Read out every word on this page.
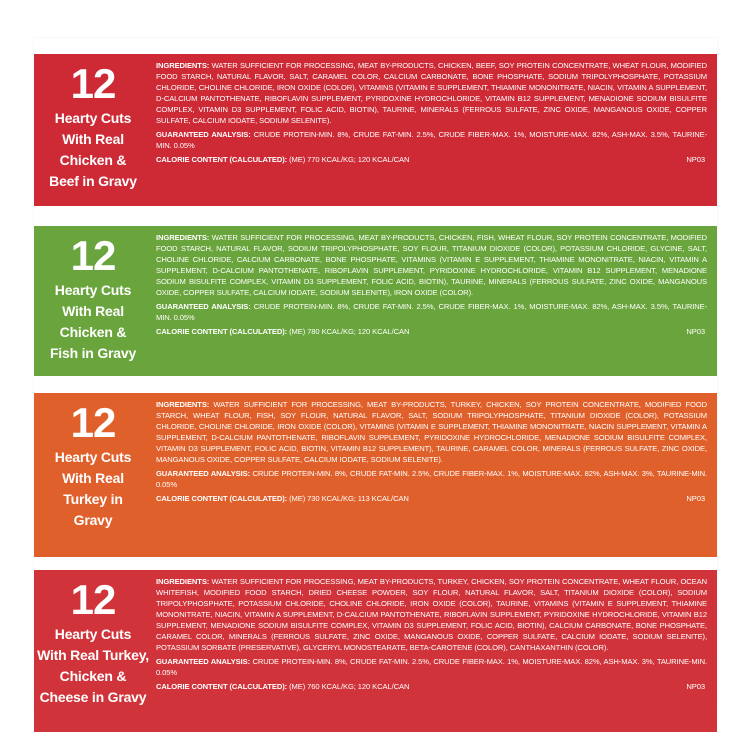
12
Hearty Cuts
With Real
Chicken &
Beef in Gravy

INGREDIENTS: WATER SUFFICIENT FOR PROCESSING, MEAT BY-PRODUCTS, CHICKEN, BEEF, SOY PROTEIN CONCENTRATE, WHEAT FLOUR, MODIFIED FOOD STARCH, NATURAL FLAVOR, SALT, CARAMEL COLOR, CALCIUM CARBONATE, BONE PHOSPHATE, SODIUM TRIPOLYPHOSPHATE, POTASSIUM CHLORIDE, CHOLINE CHLORIDE, IRON OXIDE (COLOR), VITAMINS (VITAMIN E SUPPLEMENT, THIAMINE MONONITRATE, NIACIN, VITAMIN A SUPPLEMENT, D-CALCIUM PANTOTHENATE, RIBOFLAVIN SUPPLEMENT, PYRIDOXINE HYDROCHLORIDE, VITAMIN B12 SUPPLEMENT, MENADIONE SODIUM BISULFITE COMPLEX, VITAMIN D3 SUPPLEMENT, FOLIC ACID, BIOTIN), TAURINE, MINERALS (FERROUS SULFATE, ZINC OXIDE, MANGANOUS OXIDE, COPPER SULFATE, CALCIUM IODATE, SODIUM SELENITE).

GUARANTEED ANALYSIS: CRUDE PROTEIN-MIN. 8%, CRUDE FAT-MIN. 2.5%, CRUDE FIBER-MAX. 1%, MOISTURE-MAX. 82%, ASH-MAX. 3.5%, TAURINE-MIN. 0.05%

CALORIE CONTENT (CALCULATED): (ME) 770 KCAL/KG; 120 KCAL/CAN	NP03
12
Hearty Cuts
With Real
Chicken &
Fish in Gravy

INGREDIENTS: WATER SUFFICIENT FOR PROCESSING, MEAT BY-PRODUCTS, CHICKEN, FISH, WHEAT FLOUR, SOY PROTEIN CONCENTRATE, MODIFIED FOOD STARCH, NATURAL FLAVOR, SODIUM TRIPOLYPHOSPHATE, SOY FLOUR, TITANIUM DIOXIDE (COLOR), POTASSIUM CHLORIDE, GLYCINE, SALT, CHOLINE CHLORIDE, CALCIUM CARBONATE, BONE PHOSPHATE, VITAMINS (VITAMIN E SUPPLEMENT, THIAMINE MONONITRATE, NIACIN, VITAMIN A SUPPLEMENT, D-CALCIUM PANTOTHENATE, RIBOFLAVIN SUPPLEMENT, PYRIDOXINE HYDROCHLORIDE, VITAMIN B12 SUPPLEMENT, MENADIONE SODIUM BISULFITE COMPLEX, VITAMIN D3 SUPPLEMENT, FOLIC ACID, BIOTIN), TAURINE, MINERALS (FERROUS SULFATE, ZINC OXIDE, MANGANOUS OXIDE, COPPER SULFATE, CALCIUM IODATE, SODIUM SELENITE), IRON OXIDE (COLOR).

GUARANTEED ANALYSIS: CRUDE PROTEIN-MIN. 8%, CRUDE FAT-MIN. 2.5%, CRUDE FIBER-MAX. 1%, MOISTURE-MAX. 82%, ASH-MAX. 3.5%, TAURINE-MIN. 0.05%

CALORIE CONTENT (CALCULATED): (ME) 780 KCAL/KG; 120 KCAL/CAN	NP03
12
Hearty Cuts
With Real
Turkey in
Gravy

INGREDIENTS: WATER SUFFICIENT FOR PROCESSING, MEAT BY-PRODUCTS, TURKEY, CHICKEN, SOY PROTEIN CONCENTRATE, MODIFIED FOOD STARCH, WHEAT FLOUR, FISH, SOY FLOUR, NATURAL FLAVOR, SALT, SODIUM TRIPOLYPHOSPHATE, TITANIUM DIOXIDE (COLOR), POTASSIUM CHLORIDE, CHOLINE CHLORIDE, IRON OXIDE (COLOR), VITAMINS (VITAMIN E SUPPLEMENT, THIAMINE MONONITRATE, NIACIN SUPPLEMENT, VITAMIN A SUPPLEMENT, D-CALCIUM PANTOTHENATE, RIBOFLAVIN SUPPLEMENT, PYRIDOXINE HYDROCHLORIDE, MENADIONE SODIUM BISULFITE COMPLEX, VITAMIN D3 SUPPLEMENT, FOLIC ACID, BIOTIN, VITAMIN B12 SUPPLEMENT), TAURINE, CARAMEL COLOR, MINERALS (FERROUS SULFATE, ZINC OXIDE, MANGANOUS OXIDE, COPPER SULFATE, CALCIUM IODATE, SODIUM SELENITE).

GUARANTEED ANALYSIS: CRUDE PROTEIN-MIN. 8%, CRUDE FAT-MIN. 2.5%, CRUDE FIBER-MAX. 1%, MOISTURE-MAX. 82%, ASH-MAX. 3%, TAURINE-MIN. 0.05%

CALORIE CONTENT (CALCULATED): (ME) 730 KCAL/KG; 113 KCAL/CAN	NP03
12
Hearty Cuts
With Real Turkey,
Chicken &
Cheese in Gravy

INGREDIENTS: WATER SUFFICIENT FOR PROCESSING, MEAT BY-PRODUCTS, TURKEY, CHICKEN, SOY PROTEIN CONCENTRATE, WHEAT FLOUR, OCEAN WHITEFISH, MODIFIED FOOD STARCH, DRIED CHEESE POWDER, SOY FLOUR, NATURAL FLAVOR, SALT, TITANIUM DIOXIDE (COLOR), SODIUM TRIPOLYPHOSPHATE, POTASSIUM CHLORIDE, CHOLINE CHLORIDE, IRON OXIDE (COLOR), TAURINE, VITAMINS (VITAMIN E SUPPLEMENT, THIAMINE MONONITRATE, NIACIN, VITAMIN A SUPPLEMENT, D-CALCIUM PANTOTHENATE, RIBOFLAVIN SUPPLEMENT, PYRIDOXINE HYDROCHLORIDE, VITAMIN B12 SUPPLEMENT, MENADIONE SODIUM BISULFITE COMPLEX, VITAMIN D3 SUPPLEMENT, FOLIC ACID, BIOTIN), CALCIUM CARBONATE, BONE PHOSPHATE, CARAMEL COLOR, MINERALS (FERROUS SULFATE, ZINC OXIDE, MANGANOUS OXIDE, COPPER SULFATE, CALCIUM IODATE, SODIUM SELENITE), POTASSIUM SORBATE (PRESERVATIVE), GLYCERYL MONOSTEARATE, BETA-CAROTENE (COLOR), CANTHAXANTHIN (COLOR).

GUARANTEED ANALYSIS: CRUDE PROTEIN-MIN. 8%, CRUDE FAT-MIN. 2.5%, CRUDE FIBER-MAX. 1%, MOISTURE-MAX. 82%, ASH-MAX. 3%, TAURINE-MIN. 0.05%

CALORIE CONTENT (CALCULATED): (ME) 760 KCAL/KG; 120 KCAL/CAN	NP03
